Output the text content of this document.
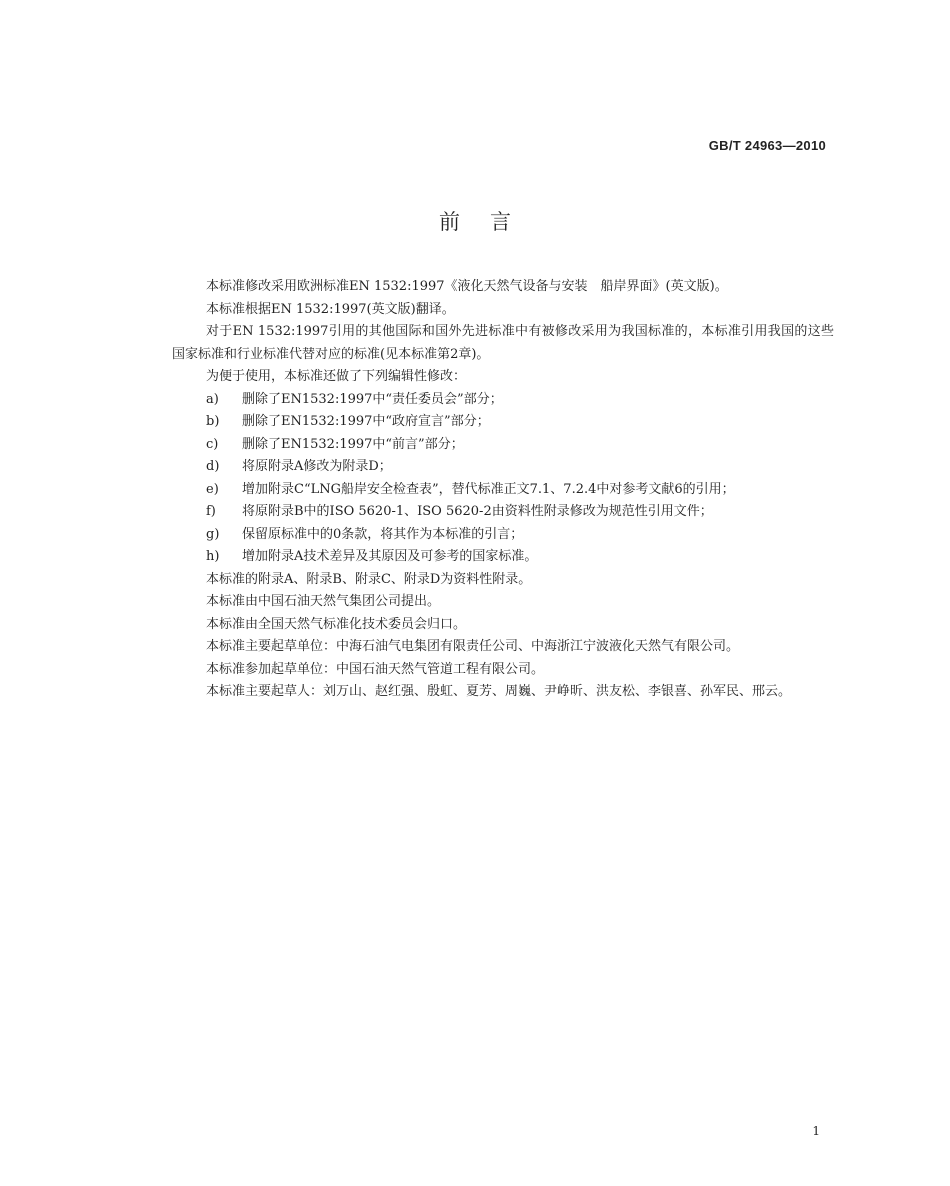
GB/T 24963—2010
前言

本标准修改采用欧洲标准EN 1532:1997《液化天然气设备与安装　船岸界面》(英文版)。

本标准根据EN 1532:1997(英文版)翻译。

对于EN 1532:1997引用的其他国际和国外先进标准中有被修改采用为我国标准的，本标准引用我国的这些国家标准和行业标准代替对应的标准(见本标准第2章)。

为便于使用，本标准还做了下列编辑性修改：

a)	删除了EN1532:1997中“责任委员会”部分；
b)	删除了EN1532:1997中“政府宣言”部分；
c)	删除了EN1532:1997中“前言”部分；
d)	将原附录A修改为附录D；
e)	增加附录C“LNG船岸安全检查表”，替代标准正文7.1、7.2.4中对参考文献6的引用；
f)	将原附录B中的ISO 5620-1、ISO 5620-2由资料性附录修改为规范性引用文件；
g)	保留原标准中的0条款，将其作为本标准的引言；
h)	增加附录A技术差异及其原因及可参考的国家标准。

本标准的附录A、附录B、附录C、附录D为资料性附录。

本标准由中国石油天然气集团公司提出。

本标准由全国天然气标准化技术委员会归口。

本标准主要起草单位：中海石油气电集团有限责任公司、中海浙江宁波液化天然气有限公司。

本标准参加起草单位：中国石油天然气管道工程有限公司。

本标准主要起草人：刘万山、赵红强、殷虹、夏芳、周巍、尹峥昕、洪友松、李银喜、孙军民、邢云。

1
